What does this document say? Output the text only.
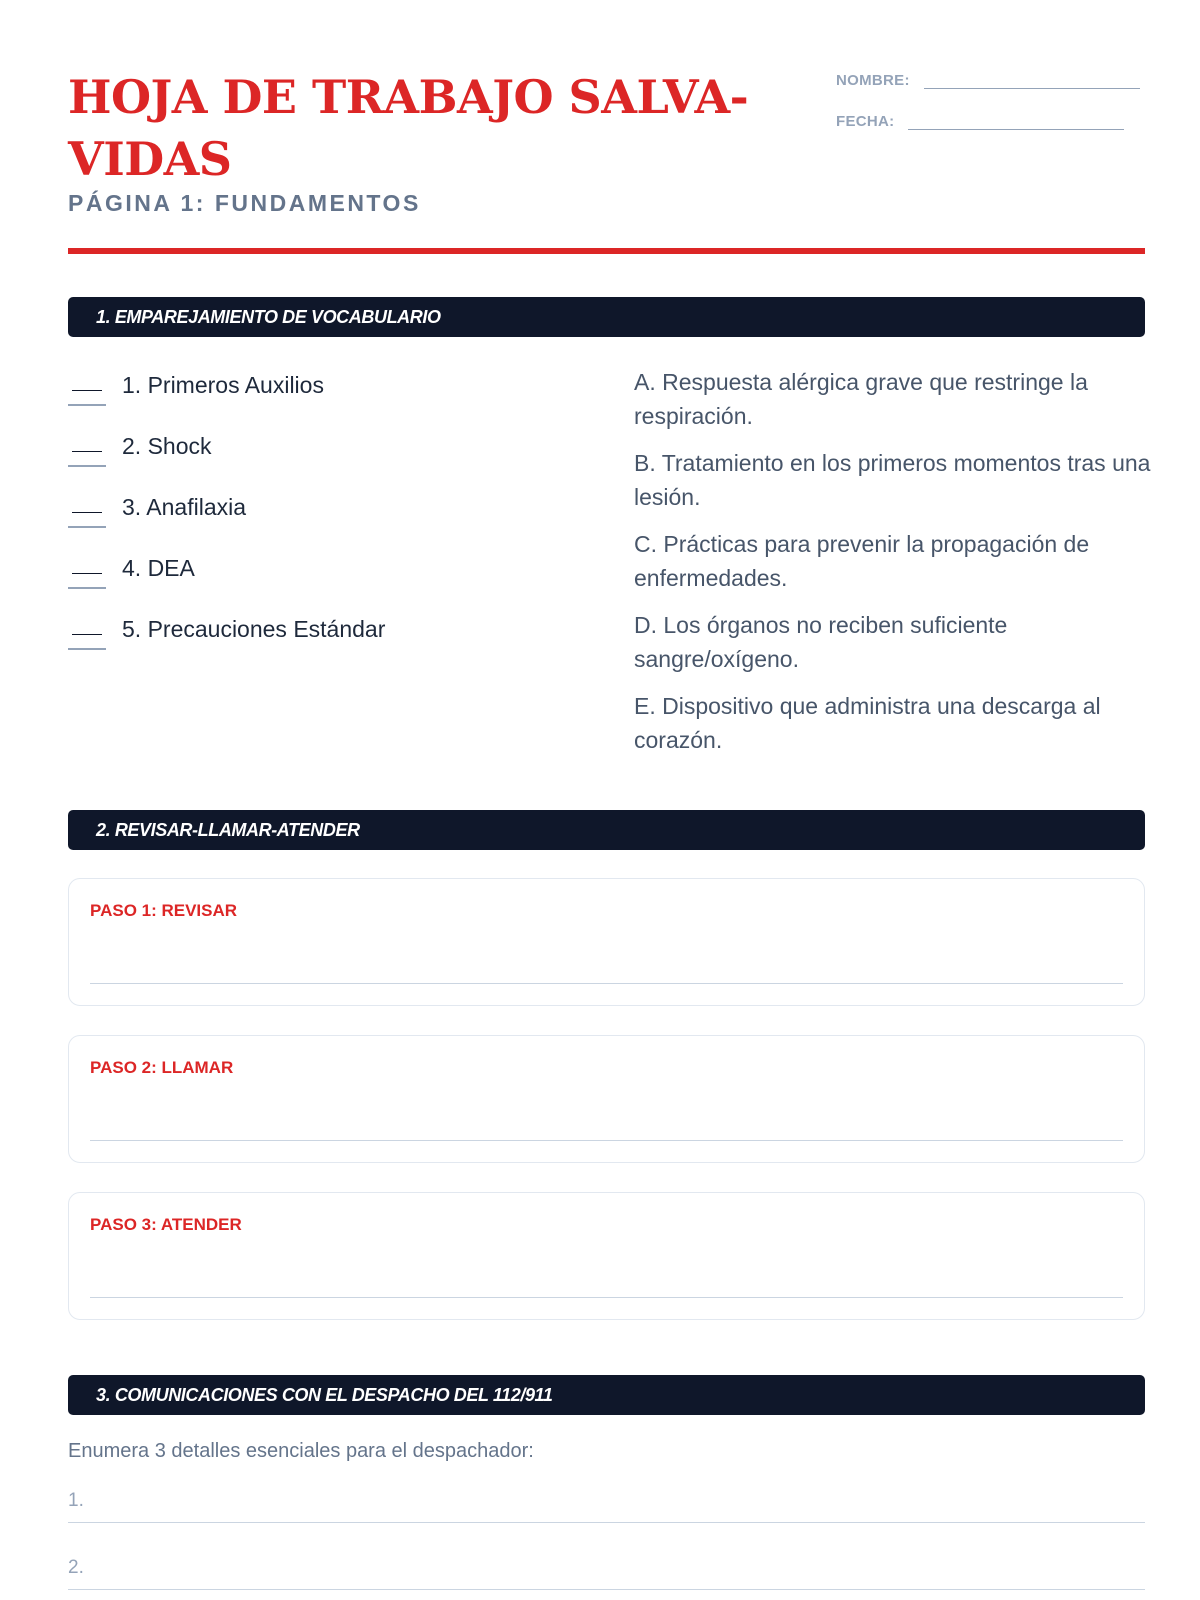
HOJA DE TRABAJO SALVA-VIDAS
PÁGINA 1: FUNDAMENTOS
NOMBRE:
FECHA:
1. EMPAREJAMIENTO DE VOCABULARIO
1. Primeros Auxilios
2. Shock
3. Anafilaxia
4. DEA
5. Precauciones Estándar
A. Respuesta alérgica grave que restringe la respiración.
B. Tratamiento en los primeros momentos tras una lesión.
C. Prácticas para prevenir la propagación de enfermedades.
D. Los órganos no reciben suficiente sangre/oxígeno.
E. Dispositivo que administra una descarga al corazón.
2. REVISAR-LLAMAR-ATENDER
PASO 1: REVISAR
PASO 2: LLAMAR
PASO 3: ATENDER
3. COMUNICACIONES CON EL DESPACHO DEL 112/911
Enumera 3 detalles esenciales para el despachador:
1.
2.
